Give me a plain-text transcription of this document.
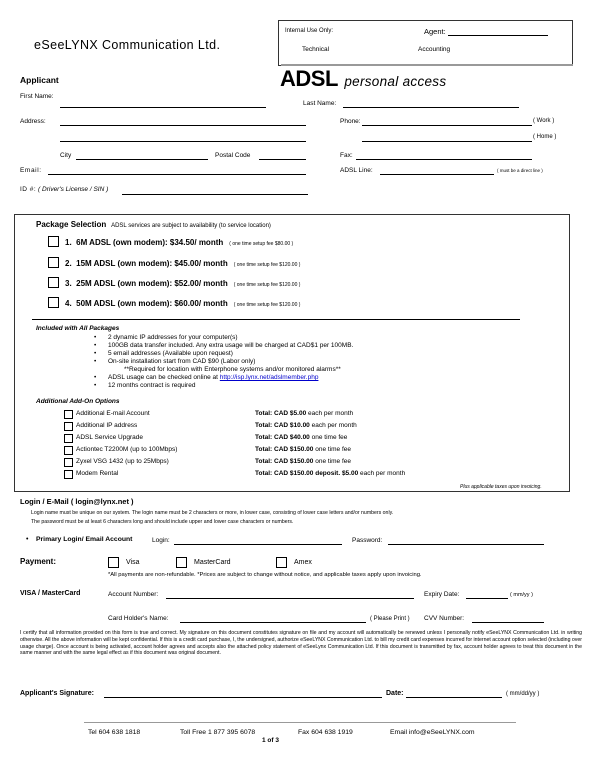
Internal Use Only:	Agent:
Technical	Accounting
eSeeLYNX Communication Ltd.
ADSL personal access
Applicant
First Name:
Last Name:
Address:	Phone:	( Work )
( Home )
City	Postal Code	Fax:
Email:	ADSL Line:	( must be a direct line )
ID #: ( Driver's License / SIN )
Package Selection ADSL services are subject to availability (to service location)
1. 6M ADSL (own modem): $34.50/ month ( one time setup fee $80.00 )
2. 15M ADSL (own modem): $45.00/ month ( one time setup fee $120.00 )
3. 25M ADSL (own modem): $52.00/ month ( one time setup fee $120.00 )
4. 50M ADSL (own modem): $60.00/ month ( one time setup fee $120.00 )
Included with All Packages
• 2 dynamic IP addresses for your computer(s)
• 100GB data transfer included. Any extra usage will be charged at CAD$1 per 100MB.
• 5 email addresses (Available upon request)
• On-site installation start from CAD $90 (Labor only)
**Required for location with Enterphone systems and/or monitored alarms**
• ADSL usage can be checked online at http://isp.lynx.net/adslmember.php
• 12 months contract is required
Additional Add-On Options
Additional E-mail Account	Total: CAD $5.00 each per month
Additional IP address	Total: CAD $10.00 each per month
ADSL Service Upgrade	Total: CAD $40.00 one time fee
Actiontec T2200M (up to 100Mbps)	Total: CAD $150.00 one time fee
Zyxel VSG 1432 (up to 25Mbps)	Total: CAD $150.00 one time fee
Modem Rental	Total: CAD $150.00 deposit. $5.00 each per month
Plus applicable taxes upon invoicing.
Login / E-Mail ( login@lynx.net )
Login name must be unique on our system. The login name must be 2 characters or more, in lower case, consisting of lower case letters and/or numbers only.
The password must be at least 6 characters long and should include upper and lower case characters or numbers.
• Primary Login/ Email Account	Login:	Password:
Payment:	Visa	MasterCard	Amex
*All payments are non-refundable. *Prices are subject to change without notice, and applicable taxes apply upon invoicing.
VISA / MasterCard	Account Number:	Expiry Date:	( mm/yy )
Card Holder's Name:	( Please Print ) CVV Number:
I certify that all information provided on this form is true and correct. My signature on this document constitutes signature on file and my account will automatically be renewed unless I personally notify eSeeLYNX Communication Ltd. in writing otherwise. All the above information will be kept confidential. If this is a credit card purchase, I, the undersigned, authorize eSeeLYNX Communication Ltd. to bill my credit card expenses incurred for internet account option selected (including over usage charge). Once account is being activated, account holder agrees and accepts also the attached policy statement of eSeeLynx Communication Ltd. If this document is transmitted by fax, account holder agrees to treat this document in the same manner and with the same legal effect as if this document was original document.
Applicant's Signature:	Date:	( mm/dd/yy )
Tel 604 638 1818	Toll Free 1 877 395 6078	Fax 604 638 1919	Email info@eSeeLYNX.com
1 of 3
